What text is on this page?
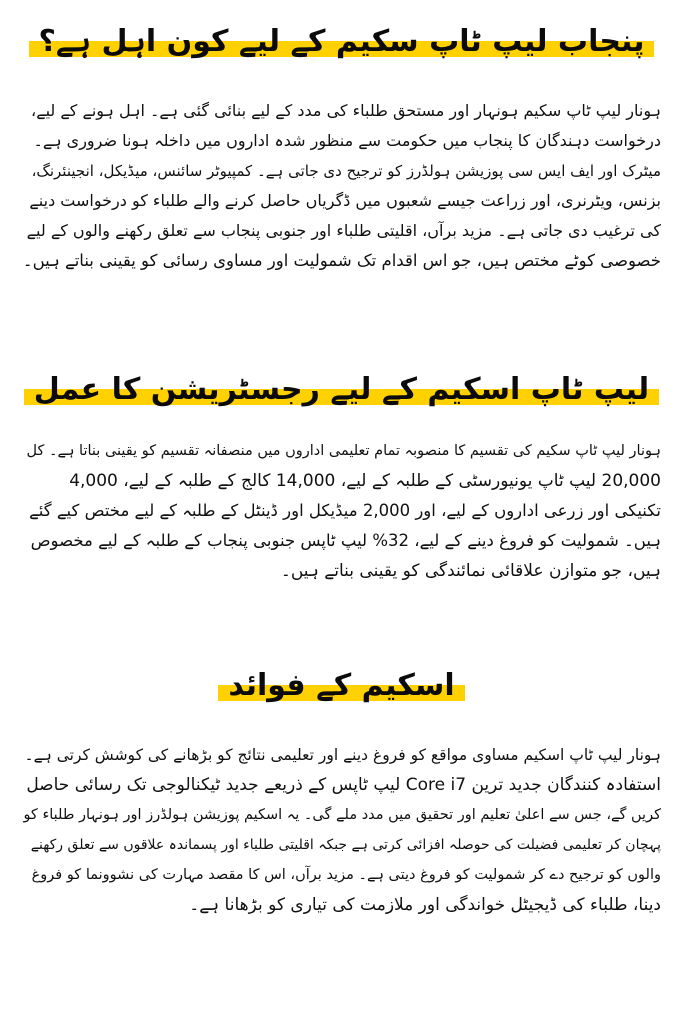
پنجاب لیپ ٹاپ سکیم کے لیے کون اہل ہے؟
ہونار لیپ ٹاپ سکیم ہونہار اور مستحق طلباء کی مدد کے لیے بنائی گئی ہے۔ اہل ہونے کے لیے،
درخواست دہندگان کا پنجاب میں حکومت سے منظور شدہ اداروں میں داخلہ ہونا ضروری ہے۔
میٹرک اور ایف ایس سی پوزیشن ہولڈرز کو ترجیح دی جاتی ہے۔ کمپیوٹر سائنس، میڈیکل، انجینئرنگ،
بزنس، ویٹرنری، اور زراعت جیسے شعبوں میں ڈگریاں حاصل کرنے والے طلباء کو درخواست دینے
کی ترغیب دی جاتی ہے۔ مزید برآں، اقلیتی طلباء اور جنوبی پنجاب سے تعلق رکھنے والوں کے لیے
خصوصی کوٹے مختص ہیں، جو اس اقدام تک شمولیت اور مساوی رسائی کو یقینی بناتے ہیں۔
لیپ ٹاپ اسکیم کے لیے رجسٹریشن کا عمل
ہونار لیپ ٹاپ سکیم کی تقسیم کا منصوبہ تمام تعلیمی اداروں میں منصفانہ تقسیم کو یقینی بناتا ہے۔ کل
20,000 لیپ ٹاپ یونیورسٹی کے طلبہ کے لیے، 14,000 کالج کے طلبہ کے لیے، 4,000
تکنیکی اور زرعی اداروں کے لیے، اور 2,000 میڈیکل اور ڈینٹل کے طلبہ کے لیے مختص کیے گئے
ہیں۔ شمولیت کو فروغ دینے کے لیے، 32% لیپ ٹاپس جنوبی پنجاب کے طلبہ کے لیے مخصوص
ہیں، جو متوازن علاقائی نمائندگی کو یقینی بناتے ہیں۔
اسکیم کے فوائد
ہونار لیپ ٹاپ اسکیم مساوی مواقع کو فروغ دینے اور تعلیمی نتائج کو بڑھانے کی کوشش کرتی ہے۔
استفادہ کنندگان جدید ترین Core i7 لیپ ٹاپس کے ذریعے جدید ٹیکنالوجی تک رسائی حاصل
کریں گے، جس سے اعلیٰ تعلیم اور تحقیق میں مدد ملے گی۔ یہ اسکیم پوزیشن ہولڈرز اور ہونہار طلباء کو
پہچان کر تعلیمی فضیلت کی حوصلہ افزائی کرتی ہے جبکہ اقلیتی طلباء اور پسماندہ علاقوں سے تعلق رکھنے
والوں کو ترجیح دے کر شمولیت کو فروغ دیتی ہے۔ مزید برآں، اس کا مقصد مہارت کی نشوونما کو فروغ
دینا، طلباء کی ڈیجیٹل خواندگی اور ملازمت کی تیاری کو بڑھانا ہے۔
